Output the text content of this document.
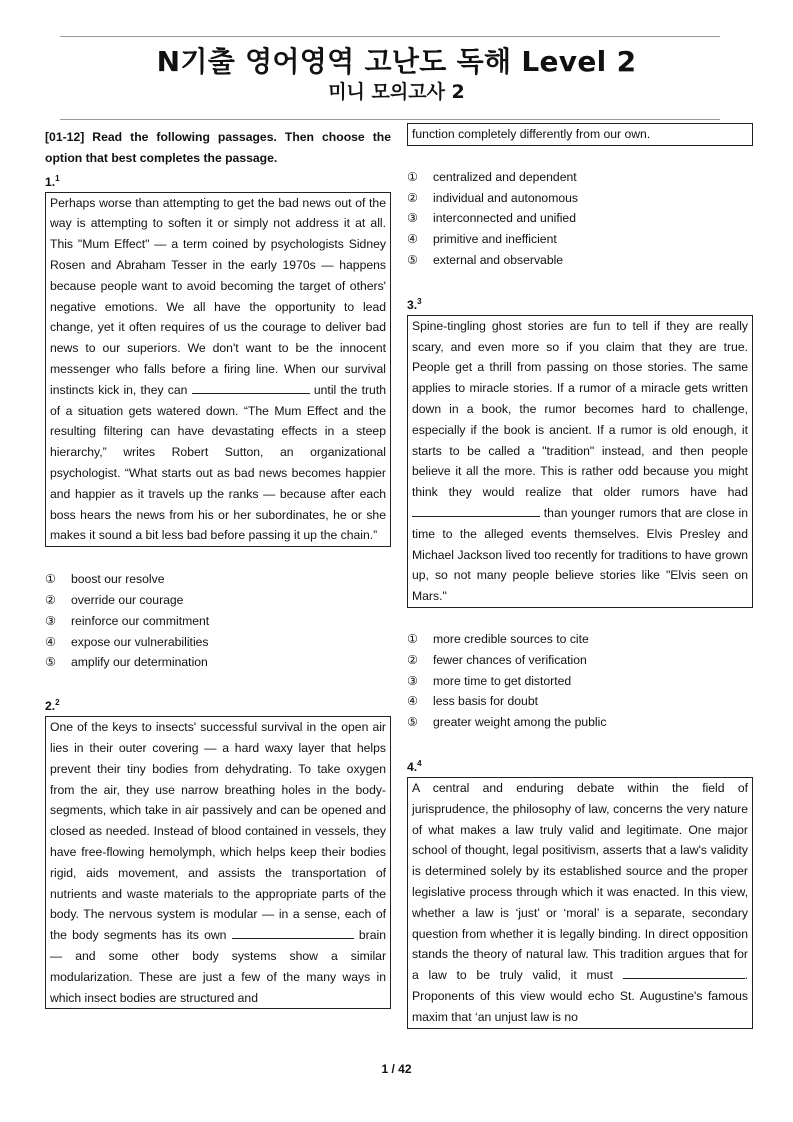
N기출 영어영역 고난도 독해 Level 2
미니 모의고사 2
[01-12] Read the following passages. Then choose the option that best completes the passage.
1.$^1$
Perhaps worse than attempting to get the bad news out of the way is attempting to soften it or simply not address it at all. This "Mum Effect" — a term coined by psychologists Sidney Rosen and Abraham Tesser in the early 1970s — happens because people want to avoid becoming the target of others' negative emotions. We all have the opportunity to lead change, yet it often requires of us the courage to deliver bad news to our superiors. We don't want to be the innocent messenger who falls before a firing line. When our survival instincts kick in, they can	until the truth of a situation gets watered down. “The Mum Effect and the resulting filtering can have devastating effects in a steep hierarchy,” writes Robert Sutton, an organizational psychologist. “What starts out as bad news becomes happier and happier as it travels up the ranks — because after each boss hears the news from his or her subordinates, he or she makes it sound a bit less bad before passing it up the chain.”
① boost our resolve
② override our courage
③ reinforce our commitment
④ expose our vulnerabilities
⑤ amplify our determination
2.$^2$
One of the keys to insects' successful survival in the open air lies in their outer covering — a hard waxy layer that helps prevent their tiny bodies from dehydrating. To take oxygen from the air, they use narrow breathing holes in the body-segments, which take in air passively and can be opened and closed as needed. Instead of blood contained in vessels, they have free-flowing hemolymph, which helps keep their bodies rigid, aids movement, and assists the transportation of nutrients and waste materials to the appropriate parts of the body. The nervous system is modular — in a sense, each of the body segments has its own	brain — and some other body systems show a similar modularization. These are just a few of the many ways in which insect bodies are structured and
function completely differently from our own.
① centralized and dependent
② individual and autonomous
③ interconnected and unified
④ primitive and inefficient
⑤ external and observable
3.$^3$
Spine-tingling ghost stories are fun to tell if they are really scary, and even more so if you claim that they are true. People get a thrill from passing on those stories. The same applies to miracle stories. If a rumor of a miracle gets written down in a book, the rumor becomes hard to challenge, especially if the book is ancient. If a rumor is old enough, it starts to be called a "tradition" instead, and then people believe it all the more. This is rather odd because you might think they would realize that older rumors have had  than younger rumors that are close in time to the alleged events themselves. Elvis Presley and Michael Jackson lived too recently for traditions to have grown up, so not many people believe stories like "Elvis seen on Mars."
① more credible sources to cite
② fewer chances of verification
③ more time to get distorted
④ less basis for doubt
⑤ greater weight among the public
4.$^4$
A central and enduring debate within the field of jurisprudence, the philosophy of law, concerns the very nature of what makes a law truly valid and legitimate. One major school of thought, legal positivism, asserts that a law's validity is determined solely by its established source and the proper legislative process through which it was enacted. In this view, whether a law is ‘just’ or ‘moral’ is a separate, secondary question from whether it is legally binding. In direct opposition stands the theory of natural law. This tradition argues that for a law to be truly valid, it must	. Proponents of this view would echo St. Augustine's famous maxim that ‘an unjust law is no
1 / 42
